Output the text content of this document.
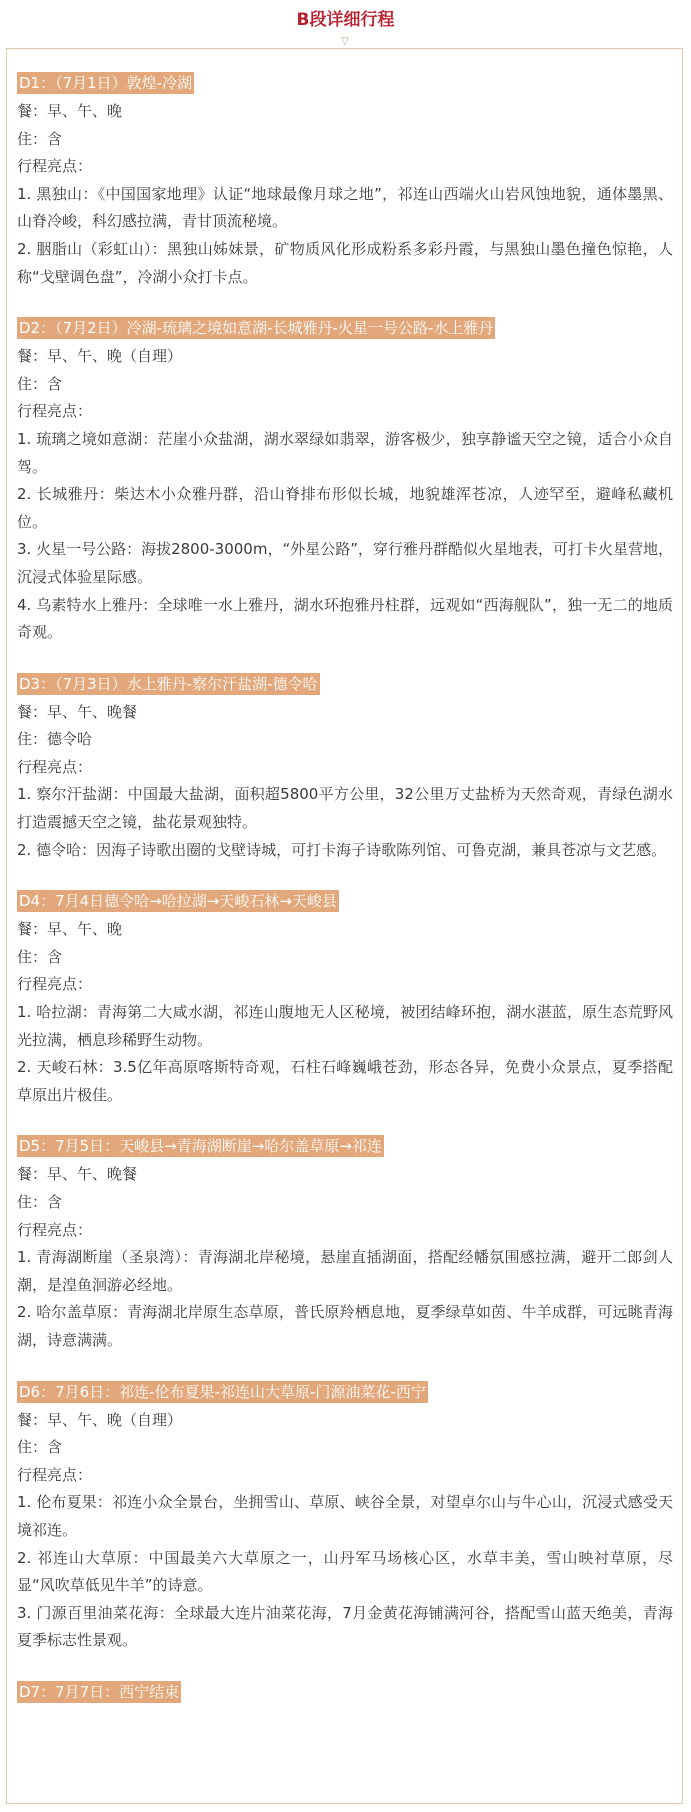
B段详细行程
▽
D1：（7月1日）敦煌-冷湖
餐：早、午、晚
住：含
行程亮点：
1. 黑独山：《中国国家地理》认证“地球最像月球之地”，祁连山西端火山岩风蚀地貌，通体墨黑、山脊冷峻，科幻感拉满，青甘顶流秘境。
2. 胭脂山（彩虹山）：黑独山姊妹景，矿物质风化形成粉系多彩丹霞，与黑独山墨色撞色惊艳，人称“戈壁调色盘”，冷湖小众打卡点。
D2：（7月2日）冷湖-琉璃之境如意湖-长城雅丹-火星一号公路-水上雅丹
餐：早、午、晚（自理）
住：含
行程亮点：
1. 琉璃之境如意湖：茫崖小众盐湖，湖水翠绿如翡翠，游客极少，独享静谧天空之镜，适合小众自驾。
2. 长城雅丹：柴达木小众雅丹群，沿山脊排布形似长城，地貌雄浑苍凉，人迹罕至，避峰私藏机位。
3. 火星一号公路：海拔2800-3000m，“外星公路”，穿行雅丹群酷似火星地表，可打卡火星营地，沉浸式体验星际感。
4. 乌素特水上雅丹：全球唯一水上雅丹，湖水环抱雅丹柱群，远观如“西海舰队”，独一无二的地质奇观。
D3：（7月3日）水上雅丹-察尔汗盐湖-德令哈
餐：早、午、晚餐
住：德令哈
行程亮点：
1. 察尔汗盐湖：中国最大盐湖，面积超5800平方公里，32公里万丈盐桥为天然奇观，青绿色湖水打造震撼天空之镜，盐花景观独特。
2. 德令哈：因海子诗歌出圈的戈壁诗城，可打卡海子诗歌陈列馆、可鲁克湖，兼具苍凉与文艺感。
D4：7月4日德令哈→哈拉湖→天峻石林→天峻县
餐：早、午、晚
住：含
行程亮点：
1. 哈拉湖：青海第二大咸水湖，祁连山腹地无人区秘境，被团结峰环抱，湖水湛蓝，原生态荒野风光拉满，栖息珍稀野生动物。
2. 天峻石林：3.5亿年高原喀斯特奇观，石柱石峰巍峨苍劲，形态各异，免费小众景点，夏季搭配草原出片极佳。
D5：7月5日：天峻县→青海湖断崖→哈尔盖草原→祁连
餐：早、午、晚餐
住：含
行程亮点：
1. 青海湖断崖（圣泉湾）：青海湖北岸秘境，悬崖直插湖面，搭配经幡氛围感拉满，避开二郎剑人潮，是湟鱼洄游必经地。
2. 哈尔盖草原：青海湖北岸原生态草原，普氏原羚栖息地，夏季绿草如茵、牛羊成群，可远眺青海湖，诗意满满。
D6：7月6日：祁连-伦布夏果-祁连山大草原-门源油菜花-西宁
餐：早、午、晚（自理）
住：含
行程亮点：
1. 伦布夏果：祁连小众全景台，坐拥雪山、草原、峡谷全景，对望卓尔山与牛心山，沉浸式感受天境祁连。
2. 祁连山大草原：中国最美六大草原之一，山丹军马场核心区，水草丰美，雪山映衬草原，尽显“风吹草低见牛羊”的诗意。
3. 门源百里油菜花海：全球最大连片油菜花海，7月金黄花海铺满河谷，搭配雪山蓝天绝美，青海夏季标志性景观。
D7：7月7日：西宁结束
